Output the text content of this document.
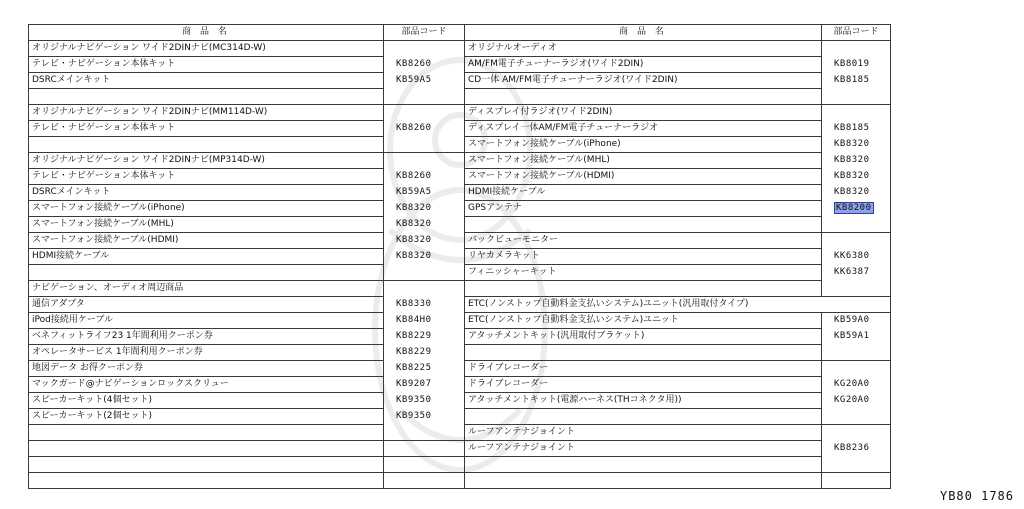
商 品 名	部品コード
オリジナルナビゲーション ワイド2DINナビ(MC314D-W)	
テレビ・ナビゲーション本体キット	KB8260
DSRCメインキット	KB59A5

オリジナルナビゲーション ワイド2DINナビ(MM114D-W)	
テレビ・ナビゲーション本体キット	KB8260

オリジナルナビゲーション ワイド2DINナビ(MP314D-W)	
テレビ・ナビゲーション本体キット	KB8260
DSRCメインキット	KB59A5
スマートフォン接続ケーブル(iPhone)	KB8320
スマートフォン接続ケーブル(MHL)	KB8320
スマートフォン接続ケーブル(HDMI)	KB8320
HDMI接続ケーブル	KB8320

ナビゲーション、オーディオ周辺商品	
通信アダプタ	KB8330
iPod接続用ケーブル	KB84H0
ベネフィットライフ23 1年間利用クーポン券	KB8229
オペレータサービス 1年間利用クーポン券	KB8229
地図データ お得クーポン券	KB8225
マックガード@ナビゲーションロックスクリュー	KB9207
スピーカーキット(4個セット)	KB9350
スピーカーキット(2個セット)	KB9350

商 品 名	部品コード
オリジナルオーディオ	
AM/FM電子チューナーラジオ(ワイド2DIN)	KB8019
CD一体 AM/FM電子チューナーラジオ(ワイド2DIN)	KB8185

ディスプレイ付ラジオ(ワイド2DIN)	
ディスプレイ一体AM/FM電子チューナーラジオ	KB8185
スマートフォン接続ケーブル(iPhone)	KB8320
スマートフォン接続ケーブル(MHL)	KB8320
スマートフォン接続ケーブル(HDMI)	KB8320
HDMI接続ケーブル	KB8320
GPSアンテナ	KB8200

バックビューモニター	
リヤカメラキット	KK6380
フィニッシャーキット	KK6387

ETC(ノンストップ自動料金支払いシステム)ユニット(汎用取付タイプ)	
ETC(ノンストップ自動料金支払いシステム)ユニット	KB59A0
アタッチメントキット(汎用取付ブラケット)	KB59A1

ドライブレコーダー	
ドライブレコーダー	KG20A0
アタッチメントキット(電源ハーネス(THコネクタ用))	KG20A0

ルーフアンテナジョイント	
ルーフアンテナジョイント	KB8236

YB80 1786
